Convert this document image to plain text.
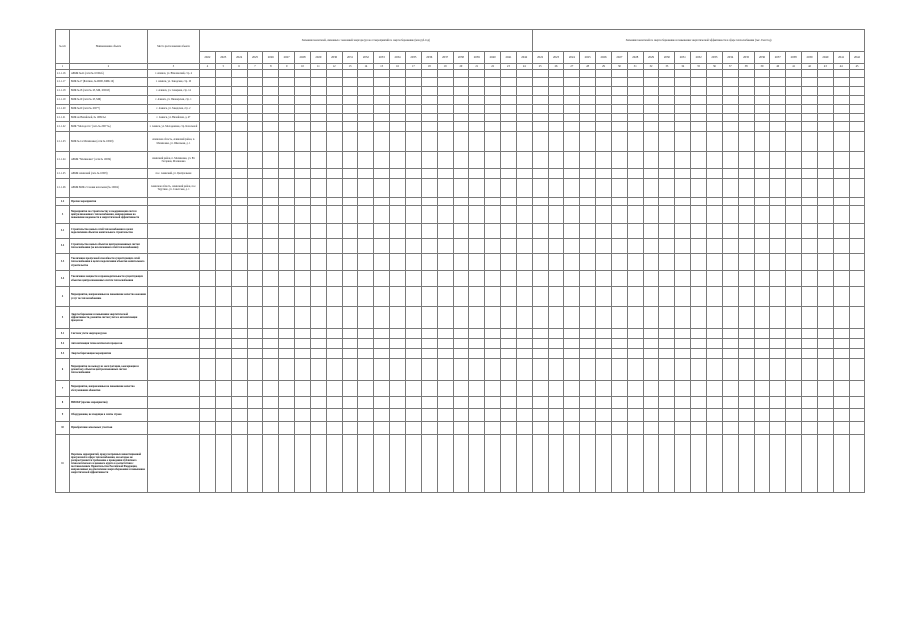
№ п/п	Наименование объекта	Место расположения объекта	Значения показателей, связанных с экономией энергоресурсов от мероприятий по энергосбережению (млн руб./год)																					Значения показателей по энергосбережению и повышению энергетической эффективности в сфере теплоснабжения (тыс. Гкал/год)																				
			2022	2023	2024	2025	2026	2027	2028	2029	2030	2031	2032	2033	2034	2035	2036	2037	2038	2039	2040	2041	2042	2022	2023	2024	2025	2026	2027	2028	2029	2030	2031	2032	2033	2034	2035	2036	2037	2038	2039	2040	2041	2042
1	2	3	4	5	6	7	8	9	10	11	12	13	14	15	16	17	18	19	20	21	22	23	24	25	26	27	28	29	30	31	32	33	34	35	36	37	38	39	40	41	42	43	44	45
2.1.1.16	АБМК №41 (сети № 10 Шаб.)	г. Ачинск, ул. Юношеский, стр. 4																																										
2.1.1.17	БМК №17 (Бахтина, №10000, БМК 16)	г. Ачинск, ул. Заводская, стр. 10																																										
2.1.1.18	БМК №18 (сети № 18, МБ, 1001М)	г. Ачинск, ул. Северная, стр. 14																																										
2.1.1.19	БМК №19 (сети № 18, МБ)	г. Ачинск, ул. Пионерская, стр. 1																																										
2.1.1.20	БМК №20 (сети № 10077)	г. Ачинск, ул. Заводская, стр. 2																																										
2.1.1.21	БМК на Вилейской, № 1999 №1	г. Ачинск, ул. Вилейская, д. 47																																										
2.1.1.22	БМК "Молодость" (сеть № 2007 №)	г. Ачинск, ул. Молодежная, стр. Котельной																																										
2.1.1.23	БМК №1 в Малиновке (сети № 10029)	Ачинская область, Ачинский район, п. Малиновка, ул. Школьная, д. 1																																										
2.1.1.24	АБМК "Малиновка" (сети № 10034)	Ачинский район, п. Малиновка, ул. Ю. Гагарина, Малиновка																																										
2.1.1.25	АБМК Ачинский (сеть № 10003)	пос. Ачинский, ул. Центральная																																										
2.1.1.26	АБМК БМК 2 газовая котельная (№ 10004)	Ачинская область, Ачинский район, пос. Тарутино, ул. Советская, д. 1																																										
2.2	Прочие мероприятия																																											
3	Мероприятия по строительству и модернизации систем централизованного теплоснабжения, направленные на повышение надежности и энергетической эффективности																																											
3.1	Строительство новых сетей теплоснабжения в целях подключения объектов капитального строительства																																											
3.2	Строительство новых объектов централизованных систем теплоснабжения (за исключением сетей теплоснабжения)																																											
3.3	Увеличение пропускной способности существующих сетей теплоснабжения в целях подключения объектов капитального строительства																																											
3.4	Увеличение мощности и производительности существующих объектов централизованных систем теплоснабжения																																											
4	Мероприятия, направленные на повышение качества оказания услуг по теплоснабжению																																											
5	Энергосбережение и повышение энергетической эффективности, развитие систем учета и автоматизация процессов																																											
5.1	Система учета энергоресурсов																																											
5.2	Автоматизация технологических процессов																																											
5.3	Энергосберегающие мероприятия																																											
6	Мероприятия по выводу из эксплуатации, консервации и демонтажу объектов централизованных систем теплоснабжения																																											
7	Мероприятия, направленные на повышение качества обслуживания абонентов																																											
8	НИОКР (прочие мероприятия)																																											
9	Оборудование, не входящее в сметы строек																																											
10	Приобретение земельных участков																																											
11	Перечень мероприятий, предусмотренных инвестиционной программой в сфере теплоснабжения, на которые не распространяется требование о проведении публичного технологического и ценового аудита в соответствии с постановлением Правительства Российской Федерации, направленных на обеспечение энергосбережения и повышение энергетической эффективности																																											
